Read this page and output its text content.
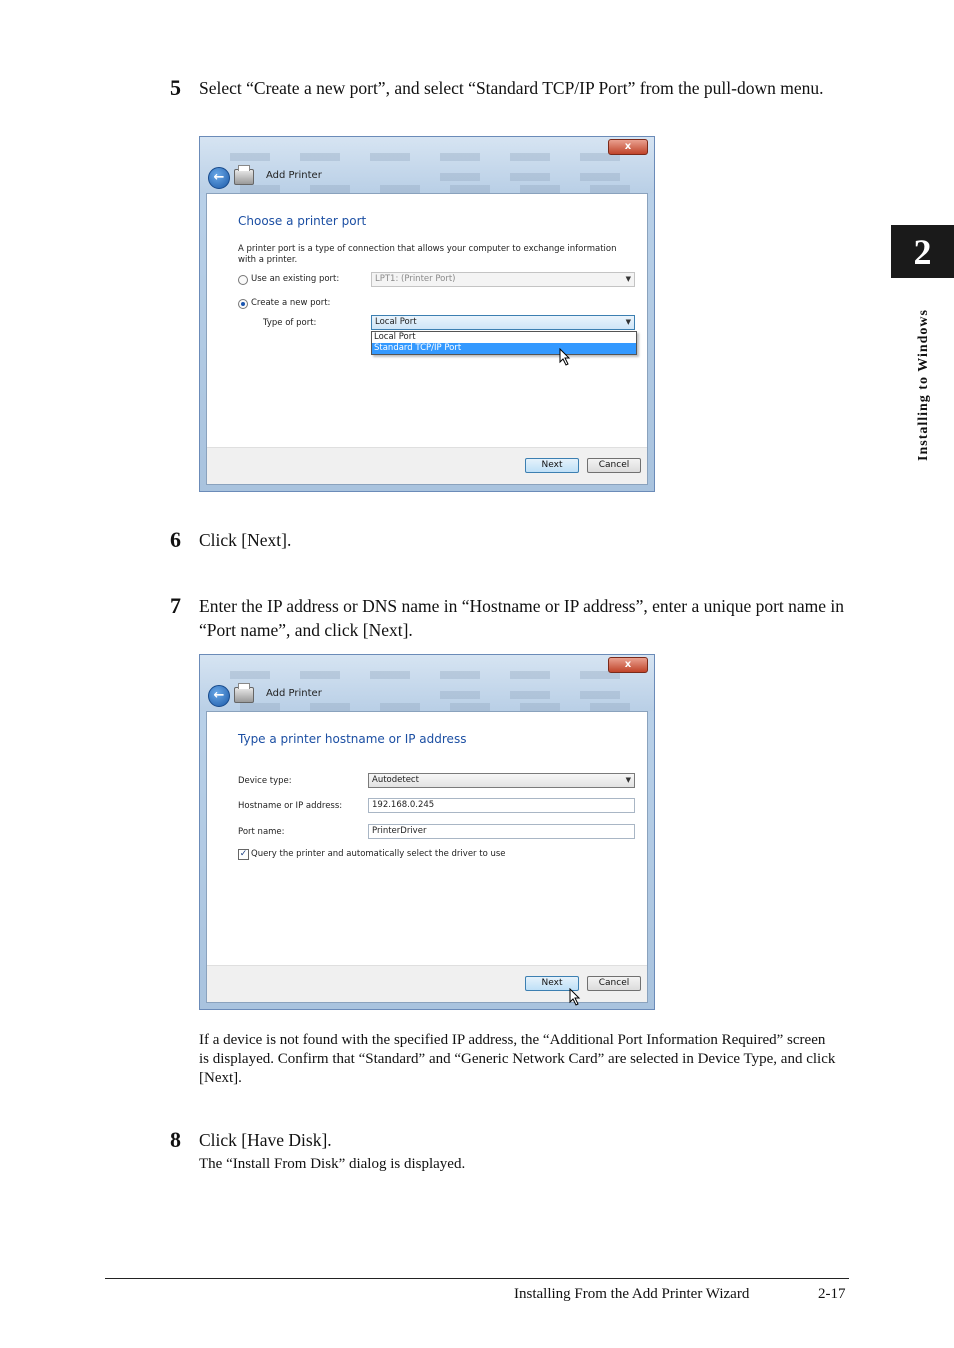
2
Installing to Windows
5 Select “Create a new port”, and select “Standard TCP/IP Port” from the pull-down menu.
x
←	Add Printer
Choose a printer port
A printer port is a type of connection that allows your computer to exchange information with a printer.
Use an existing port:	LPT1: (Printer Port)	▼
Create a new port:
Type of port:	Local Port	▼
Local Port
Standard TCP/IP Port
Next	Cancel
6 Click [Next].
7 Enter the IP address or DNS name in “Hostname or IP address”, enter a unique port name in “Port name”, and click [Next].
x
←	Add Printer
Type a printer hostname or IP address
Device type:	Autodetect	▼
Hostname or IP address:	192.168.0.245
Port name:	PrinterDriver
✓ Query the printer and automatically select the driver to use
Next	Cancel
If a device is not found with the specified IP address, the “Additional Port Information Required” screen is displayed. Confirm that “Standard” and “Generic Network Card” are selected in Device Type, and click [Next].
8 Click [Have Disk].
The “Install From Disk” dialog is displayed.
Installing From the Add Printer Wizard	2-17
